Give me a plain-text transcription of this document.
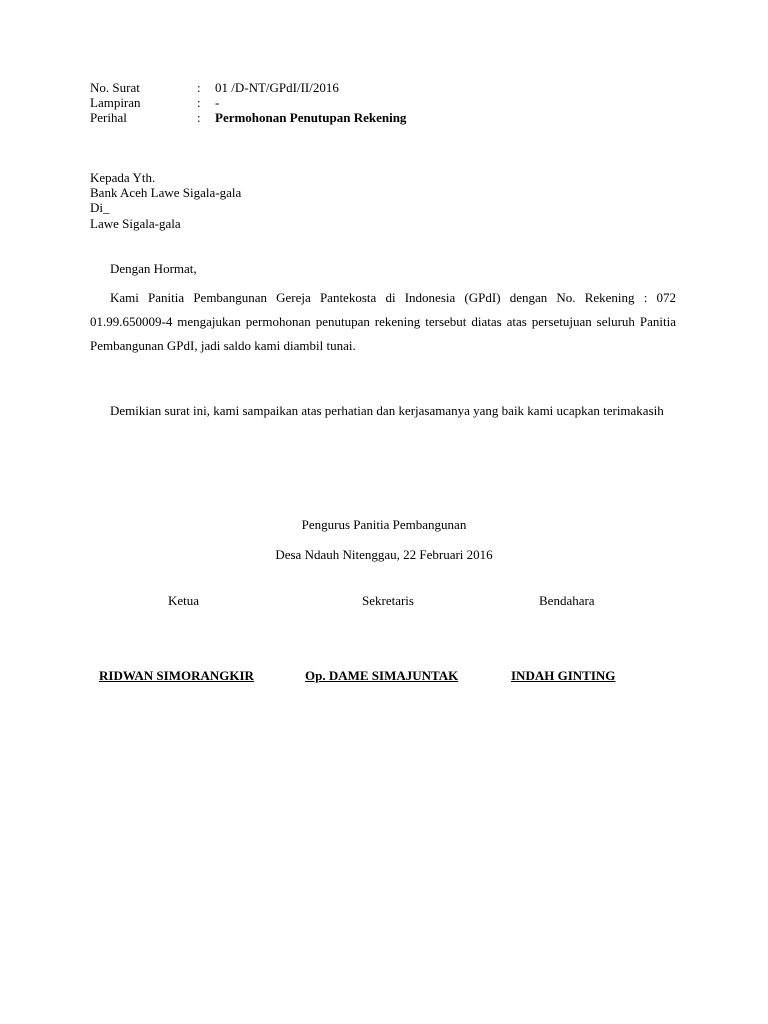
No. Surat	: 01 /D-NT/GPdI/II/2016
Lampiran	: -
Perihal	: Permohonan Penutupan Rekening
Kepada Yth.
Bank Aceh Lawe Sigala-gala
Di_
Lawe Sigala-gala
Dengan Hormat,
Kami Panitia Pembangunan Gereja Pantekosta di Indonesia (GPdI) dengan No. Rekening : 072 01.99.650009-4 mengajukan permohonan penutupan rekening tersebut diatas atas persetujuan seluruh Panitia Pembangunan GPdI, jadi saldo kami diambil tunai.
Demikian surat ini, kami sampaikan atas perhatian dan kerjasamanya yang baik kami ucapkan terimakasih
Pengurus Panitia Pembangunan
Desa Ndauh Nitenggau, 22 Februari 2016
Ketua	Sekretaris	Bendahara
RIDWAN SIMORANGKIR	Op. DAME SIMAJUNTAK	INDAH GINTING
